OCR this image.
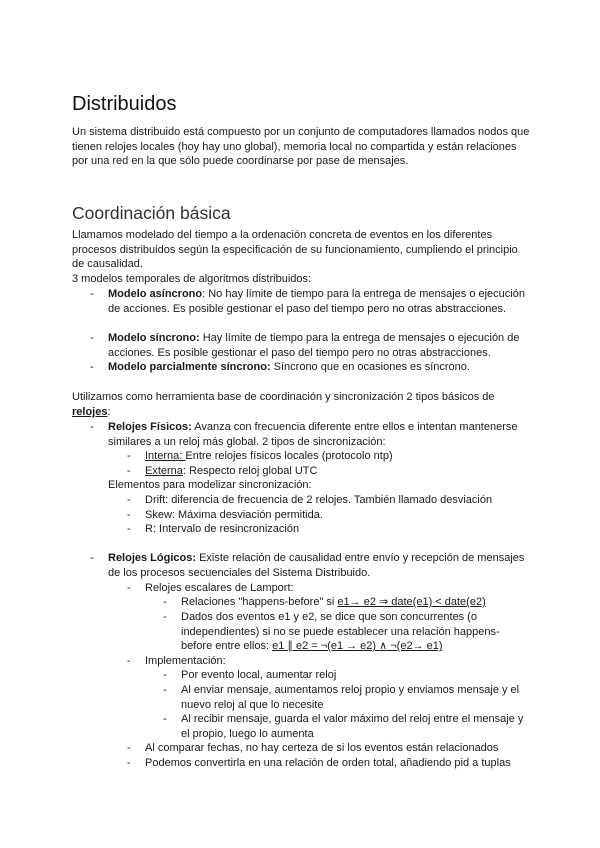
Distribuidos

Un sistema distribuido está compuesto por un conjunto de computadores llamados nodos que tienen relojes locales (hoy hay uno global), memoria local no compartida y están relaciones por una red en la que sólo puede coordinarse por pase de mensajes.

Coordinación básica

Llamamos modelado del tiempo a la ordenación concreta de eventos en los diferentes procesos distribuidos según la especificación de su funcionamiento, cumpliendo el principio de causalidad.

3 modelos temporales de algoritmos distribuidos:

- Modelo asíncrono: No hay límite de tiempo para la entrega de mensajes o ejecución de acciones. Es posible gestionar el paso del tiempo pero no otras abstracciones.

- Modelo síncrono: Hay límite de tiempo para la entrega de mensajes o ejecución de acciones. Es posible gestionar el paso del tiempo pero no otras abstracciones.

- Modelo parcialmente síncrono: Síncrono que en ocasiones es síncrono.

Utilizamos como herramienta base de coordinación y sincronización 2 tipos básicos de relojes:

- Relojes Físicos: Avanza con frecuencia diferente entre ellos e intentan mantenerse similares a un reloj más global. 2 tipos de sincronización:

- Interna: Entre relojes físicos locales (protocolo ntp)

- Externa: Respecto reloj global UTC

Elementos para modelizar sincronización:

- Drift: diferencia de frecuencia de 2 relojes. También llamado desviación

- Skew: Máxima desviación permitida.

- R: Intervalo de resincronización

- Relojes Lógicos: Existe relación de causalidad entre envío y recepción de mensajes de los procesos secuenciales del Sistema Distribuido.

- Relojes escalares de Lamport:

- Relaciones "happens-before" si e1→ e2 ⇒ date(e1) < date(e2)

- Dados dos eventos e1 y e2, se dice que son concurrentes (o independientes) si no se puede establecer una relación happens-before entre ellos: e1 ∥ e2 = ¬(e1 → e2) ∧ ¬(e2→ e1)

- Implementación:

- Por evento local, aumentar reloj

- Al enviar mensaje, aumentamos reloj propio y enviamos mensaje y el nuevo reloj al que lo necesite

- Al recibir mensaje, guarda el valor máximo del reloj entre el mensaje y el propio, luego lo aumenta

- Al comparar fechas, no hay certeza de si los eventos están relacionados

- Podemos convertirla en una relación de orden total, añadiendo pid a tuplas
